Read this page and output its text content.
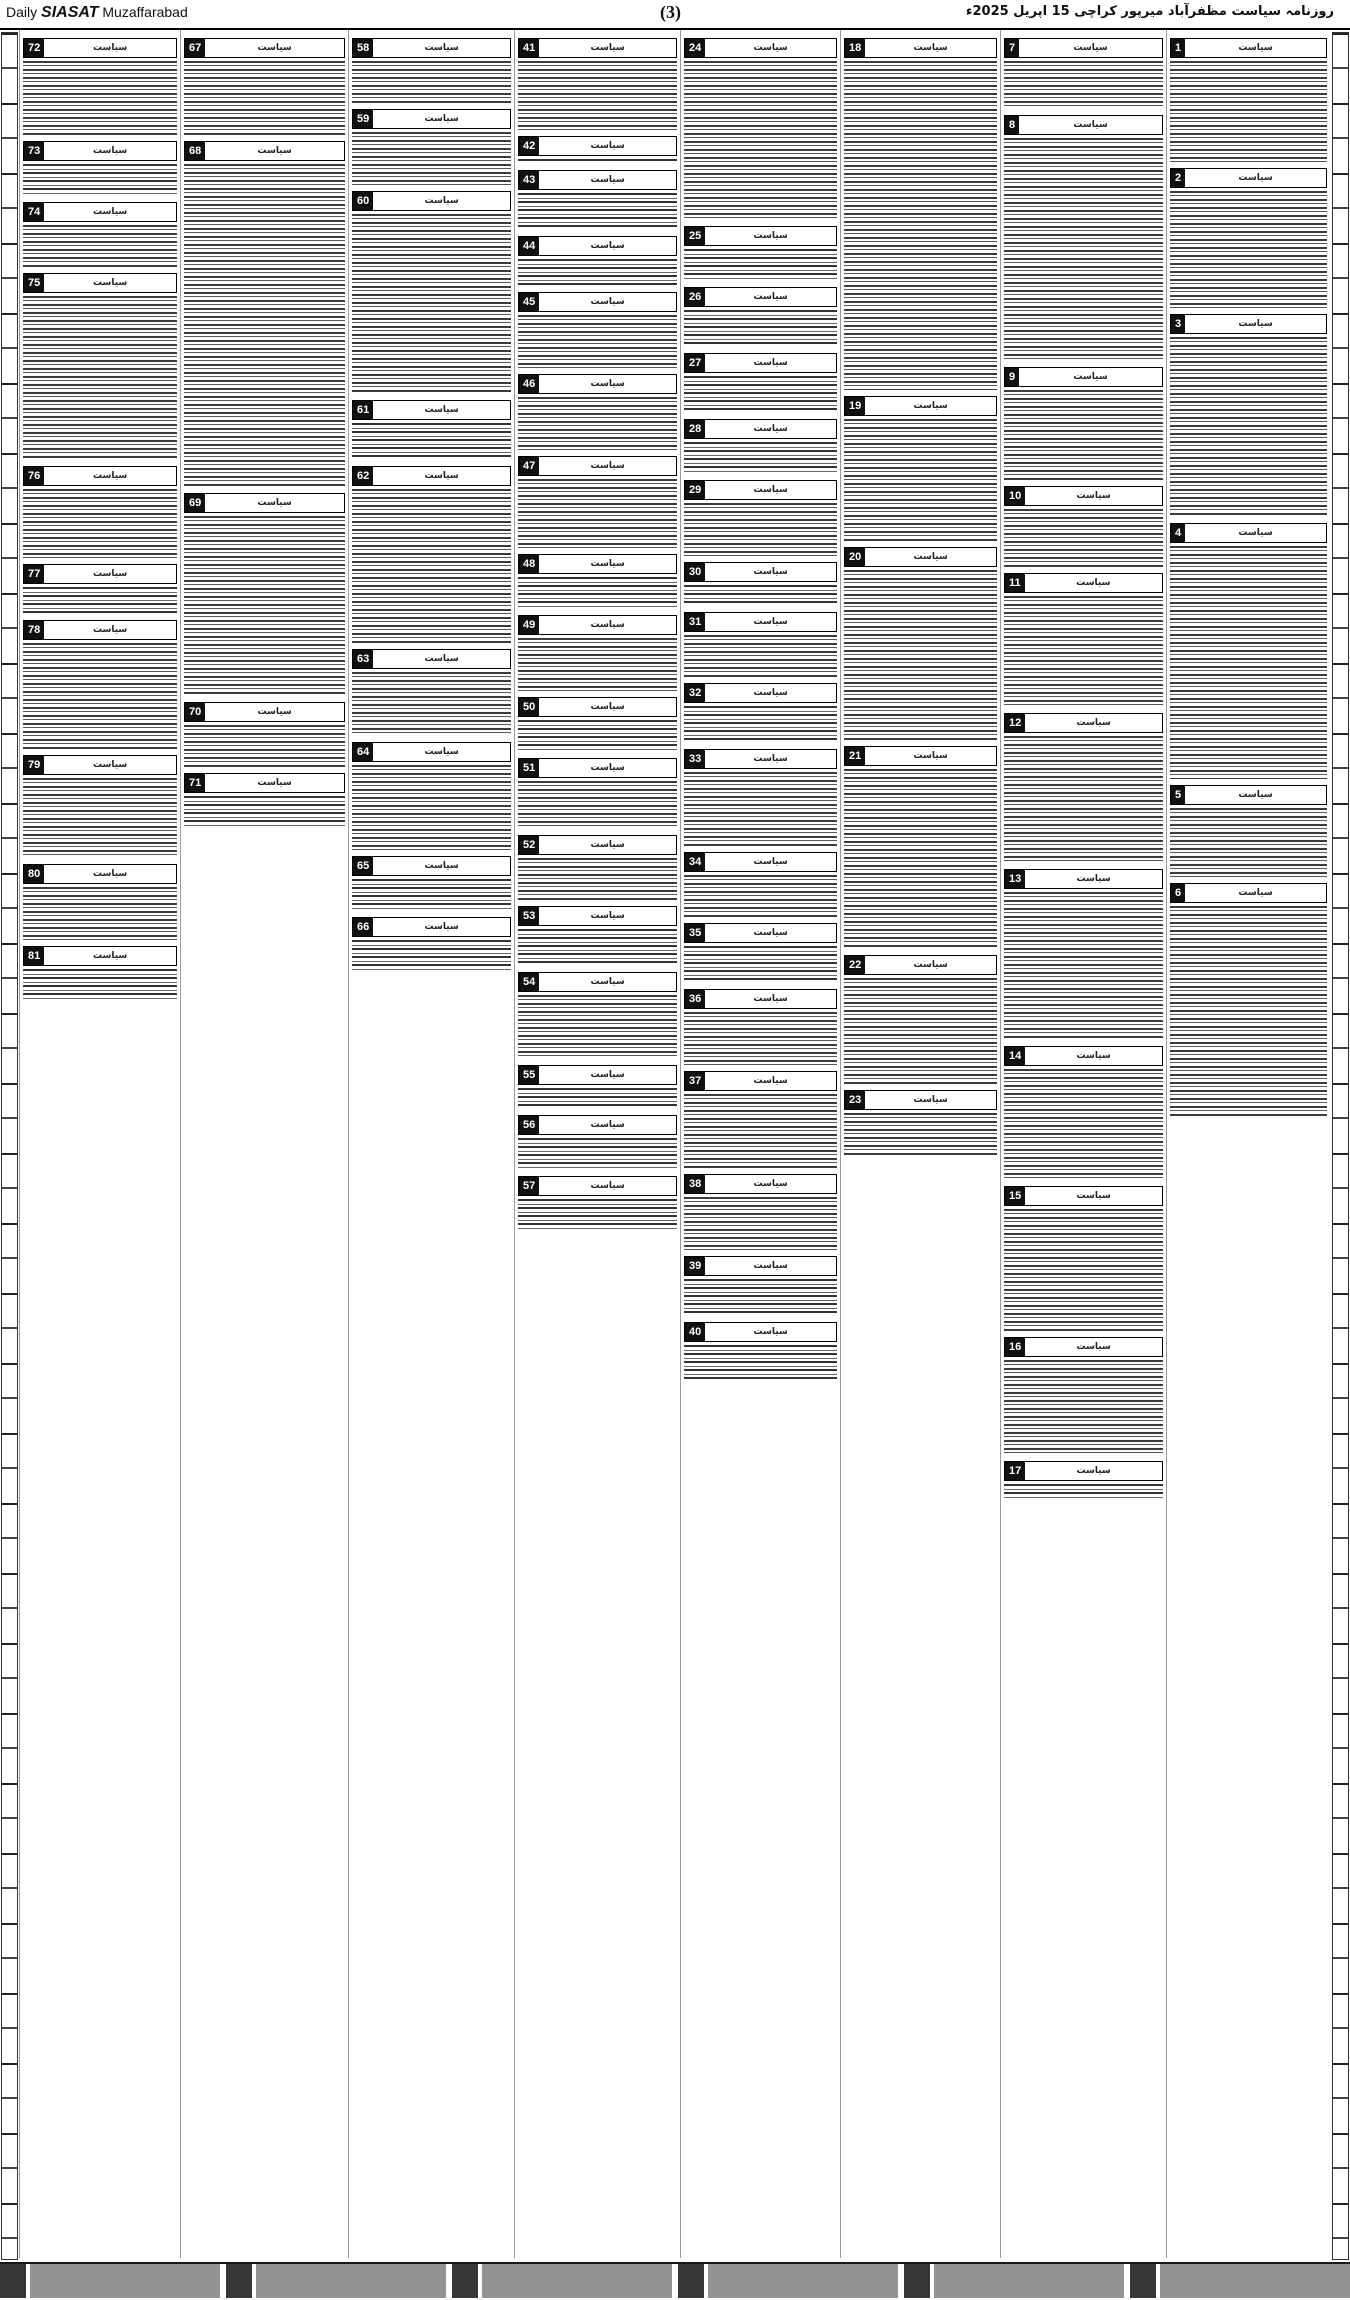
Daily SIASAT Muzaffarabad	(3)	روزنامہ سیاست مظفرآباد میرپور کراچی 15 اپریل 2025ء
1	سیاست
2	سیاست
3	سیاست
4	سیاست
5	سیاست
6	سیاست
7	سیاست
8	سیاست
9	سیاست
10	سیاست
11	سیاست
12	سیاست
13	سیاست
14	سیاست
15	سیاست
16	سیاست
17	سیاست
18	سیاست
19	سیاست
20	سیاست
21	سیاست
22	سیاست
23	سیاست
24	سیاست
25	سیاست
26	سیاست
27	سیاست
28	سیاست
29	سیاست
30	سیاست
31	سیاست
32	سیاست
33	سیاست
34	سیاست
35	سیاست
36	سیاست
37	سیاست
38	سیاست
39	سیاست
40	سیاست
41	سیاست
42	سیاست
43	سیاست
44	سیاست
45	سیاست
46	سیاست
47	سیاست
48	سیاست
49	سیاست
50	سیاست
51	سیاست
52	سیاست
53	سیاست
54	سیاست
55	سیاست
56	سیاست
57	سیاست
58	سیاست
59	سیاست
60	سیاست
61	سیاست
62	سیاست
63	سیاست
64	سیاست
65	سیاست
66	سیاست
67	سیاست
68	سیاست
69	سیاست
70	سیاست
71	سیاست
72	سیاست
73	سیاست
74	سیاست
75	سیاست
76	سیاست
77	سیاست
78	سیاست
79	سیاست
80	سیاست
81	سیاست
